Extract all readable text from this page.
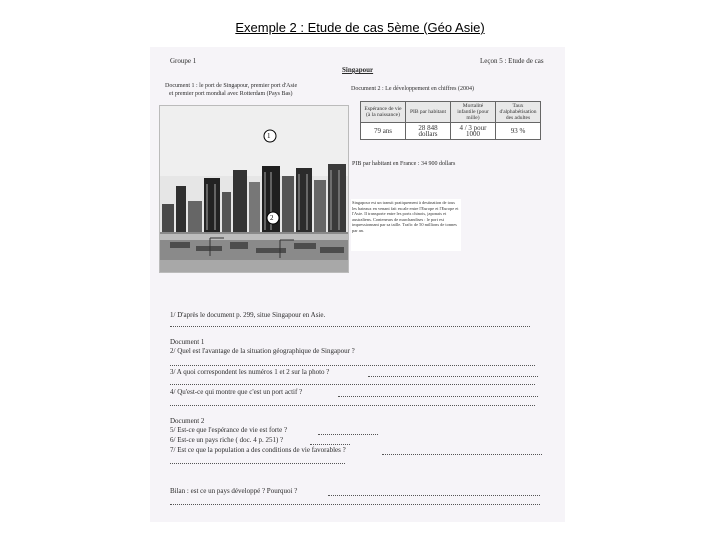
Exemple 2 : Etude de cas 5ème (Géo Asie)
Groupe 1	Leçon 5 : Etude de cas
Singapour
Document 1 : le port de Singapour, premier port d'Asie
et premier port mondial avec Rotterdam (Pays Bas)
Document 2 : Le développement en chiffres (2004)
1
2
Espérance de vie (à la naissance)	PIB par habitant	Mortalité infantile (pour mille)	Taux d'alphabétisation des adultes
79 ans	28 848 dollars	4 / 3 pour 1000	93 %
PIB par habitant en France : 34 900 dollars
Singapour est un transit pratiquement à destination de tous les bateaux en venant fait escale entre l'Europe et l'Europe et l'Asie. Il transporte entre les ports chinois, japonais et australiens. Conteneurs de marchandises : le port est impressionnant par sa taille. Trafic de 50 millions de tonnes par an.
1/ D'après le document p. 299, situe Singapour en Asie.
Document 1
2/ Quel est l'avantage de la situation géographique de Singapour ?
3/ A quoi correspondent les numéros 1 et 2 sur la photo ?
4/ Qu'est-ce qui montre que c'est un port actif ?
Document 2
5/ Est-ce que l'espérance de vie est forte ?
6/ Est-ce un pays riche ( doc. 4 p. 251) ?
7/ Est ce que la population a des conditions de vie favorables ?
Bilan : est ce un pays développé ? Pourquoi ?
